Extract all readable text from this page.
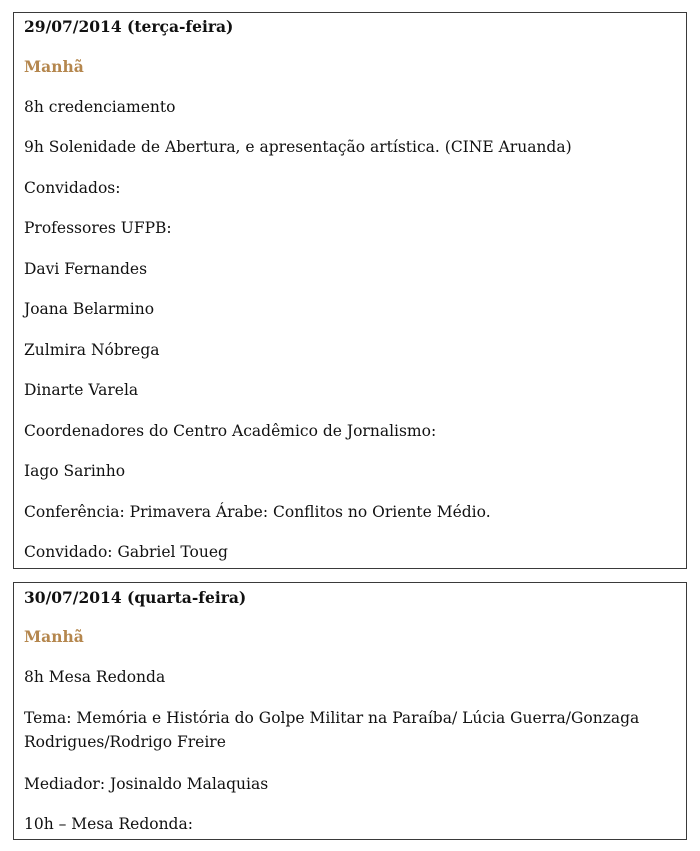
29/07/2014 (terça-feira)
Manhã
8h credenciamento
9h Solenidade de Abertura, e apresentação artística. (CINE Aruanda)
Convidados:
Professores UFPB:
Davi Fernandes
Joana Belarmino
Zulmira Nóbrega
Dinarte Varela
Coordenadores do Centro Acadêmico de Jornalismo:
Iago Sarinho
Conferência: Primavera Árabe: Conflitos no Oriente Médio.
Convidado: Gabriel Toueg
30/07/2014 (quarta-feira)
Manhã
8h Mesa Redonda
Tema: Memória e História do Golpe Militar na Paraíba/ Lúcia Guerra/Gonzaga Rodrigues/Rodrigo Freire
Mediador: Josinaldo Malaquias
10h – Mesa Redonda:
